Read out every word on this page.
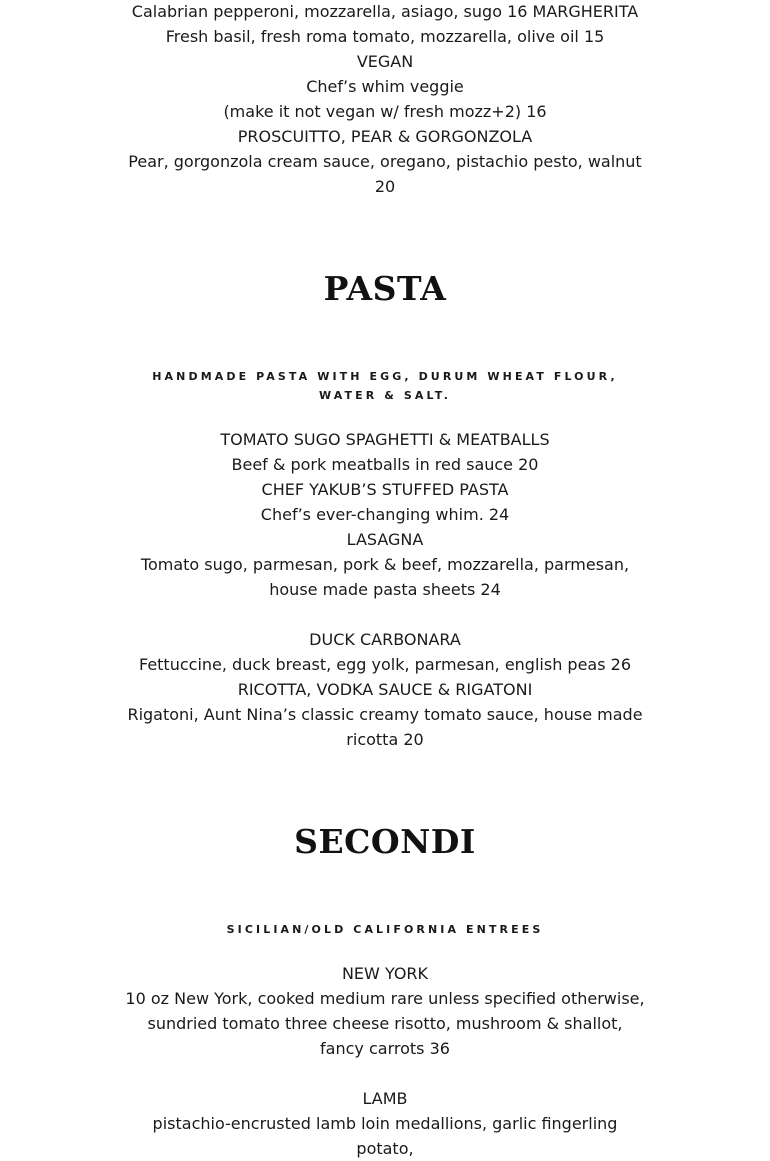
Calabrian pepperoni, mozzarella, asiago, sugo 16 MARGHERITA
Fresh basil, fresh roma tomato, mozzarella, olive oil 15
VEGAN
Chef’s whim veggie
(make it not vegan w/ fresh mozz+2) 16
PROSCUITTO, PEAR & GORGONZOLA
Pear, gorgonzola cream sauce, oregano, pistachio pesto, walnut 20
PASTA
HANDMADE PASTA WITH EGG, DURUM WHEAT FLOUR, WATER & SALT.
TOMATO SUGO SPAGHETTI & MEATBALLS
Beef & pork meatballs in red sauce 20
CHEF YAKUB’S STUFFED PASTA
Chef’s ever-changing whim. 24
LASAGNA
Tomato sugo, parmesan, pork & beef, mozzarella, parmesan, house made pasta sheets 24
DUCK CARBONARA
Fettuccine, duck breast, egg yolk, parmesan, english peas 26
RICOTTA, VODKA SAUCE & RIGATONI
Rigatoni, Aunt Nina’s classic creamy tomato sauce, house made ricotta 20
SECONDI
SICILIAN/OLD CALIFORNIA ENTREES
NEW YORK
10 oz New York, cooked medium rare unless specified otherwise, sundried tomato three cheese risotto, mushroom & shallot, fancy carrots 36
LAMB
pistachio-encrusted lamb loin medallions, garlic fingerling potato,
